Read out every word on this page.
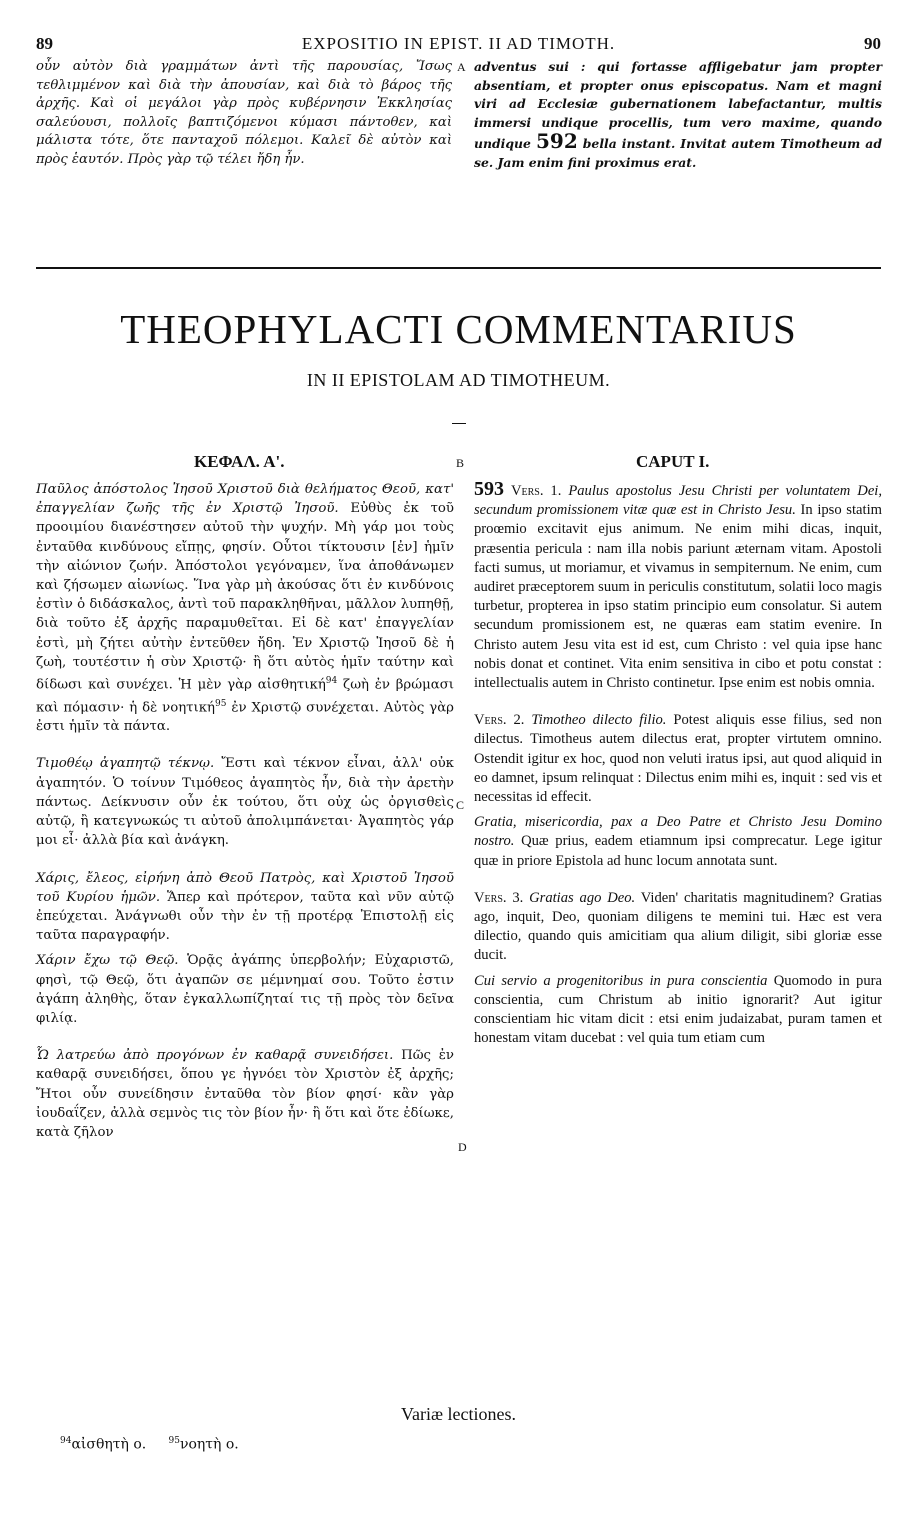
89	EXPOSITIO IN EPIST. II AD TIMOTH.	90

οὖν αὐτὸν διὰ γραμμάτων ἀντὶ τῆς παρουσίας, Ἴσως τεθλιμμένον καὶ διὰ τὴν ἀπουσίαν, καὶ διὰ τὸ βάρος τῆς ἀρχῆς. Καὶ οἱ μεγάλοι γὰρ πρὸς κυβέρνησιν Ἐκκλησίας σαλεύουσι, πολλοῖς βαπτιζόμενοι κύμασι πάντοθεν, καὶ μάλιστα τότε, ὅτε πανταχοῦ πόλεμοι. Καλεῖ δὲ αὐτὸν καὶ πρὸς ἑαυτόν. Πρὸς γὰρ τῷ τέλει ἤδη ἦν.

A adventus sui : qui fortasse affligebatur jam propter absentiam, et propter onus episcopatus. Nam et magni viri ad Ecclesiæ gubernationem labefactantur, multis immersi undique procellis, tum vero maxime, quando undique 592 bella instant. Invitat autem Timotheum ad se. Jam enim fini proximus erat.

THEOPHYLACTI COMMENTARIUS
IN II EPISTOLAM AD TIMOTHEUM.
ΚΕΦΑΛ. Α'.	B	CAPUT I.

Παῦλος ἀπόστολος Ἰησοῦ Χριστοῦ διὰ θελήματος Θεοῦ, κατ' ἐπαγγελίαν ζωῆς τῆς ἐν Χριστῷ Ἰησοῦ. Εὐθὺς ἐκ τοῦ προοιμίου διανέστησεν αὐτοῦ τὴν ψυχήν. Μὴ γάρ μοι τοὺς ἐνταῦθα κινδύνους εἴπῃς, φησίν. Οὗτοι τίκτουσιν [ἐν] ἡμῖν τὴν αἰώνιον ζωήν. Ἀπόστολοι γεγόναμεν, ἵνα ἀποθάνωμεν καὶ ζήσωμεν αἰωνίως. Ἵνα γὰρ μὴ ἀκούσας ὅτι ἐν κινδύνοις ἐστὶν ὁ διδάσκαλος, ἀντὶ τοῦ παρακληθῆναι, μᾶλλον λυπηθῇ, διὰ τοῦτο ἐξ ἀρχῆς παραμυθεῖται. Εἰ δὲ κατ' ἐπαγγελίαν ἐστὶ, μὴ ζήτει αὐτὴν ἐντεῦθεν ἤδη. Ἐν Χριστῷ Ἰησοῦ δὲ ἡ ζωὴ, τουτέστιν ἡ σὺν Χριστῷ· ἢ ὅτι αὐτὸς ἡμῖν ταύτην καὶ δίδωσι καὶ συνέχει. Ἡ μὲν γὰρ αἰσθητική$^{94}$ ζωὴ ἐν βρώμασι καὶ πόμασιν· ἡ δὲ νοητική$^{95}$ ἐν Χριστῷ συνέχεται. Αὐτὸς γὰρ ἐστι ἡμῖν τὰ πάντα.

Τιμοθέῳ ἀγαπητῷ τέκνῳ. Ἔστι καὶ τέκνον εἶναι, ἀλλ' οὐκ ἀγαπητόν. Ὁ τοίνυν Τιμόθεος ἀγαπητὸς ἦν, διὰ τὴν ἀρετὴν πάντως. Δείκνυσιν οὖν ἐκ τούτου, ὅτι οὐχ ὡς ὀργισθεὶς αὐτῷ, ἢ κατεγνωκώς τι αὐτοῦ ἀπολιμπάνεται· Ἀγαπητὸς γάρ μοι εἶ· ἀλλὰ βία καὶ ἀνάγκη.

Χάρις, ἔλεος, εἰρήνη ἀπὸ Θεοῦ Πατρὸς, καὶ Χριστοῦ Ἰησοῦ τοῦ Κυρίου ἡμῶν. Ἅπερ καὶ πρότερον, ταῦτα καὶ νῦν αὐτῷ ἐπεύχεται. Ἀνάγνωθι οὖν τὴν ἐν τῇ προτέρᾳ Ἐπιστολῇ εἰς ταῦτα παραγραφήν.

Χάριν ἔχω τῷ Θεῷ. Ὁρᾷς ἀγάπης ὑπερβολήν; Εὐχαριστῶ, φησὶ, τῷ Θεῷ, ὅτι ἀγαπῶν σε μέμνημαί σου. Τοῦτο ἐστιν ἀγάπη ἀληθὴς, ὅταν ἐγκαλλωπίζηταί τις τῇ πρὸς τὸν δεῖνα φιλίᾳ.

Ὧ λατρεύω ἀπὸ προγόνων ἐν καθαρᾷ συνειδήσει. Πῶς ἐν καθαρᾷ συνειδήσει, ὅπου γε ἠγνόει τὸν Χριστὸν ἐξ ἀρχῆς; Ἤτοι οὖν συνείδησιν ἐνταῦθα τὸν βίον φησί· κἂν γὰρ ἰουδαΐζεν, ἀλλὰ σεμνὸς τις τὸν βίον ἦν· ἢ ὅτι καὶ ὅτε ἐδίωκε, κατὰ ζῆλον

C
D

593 Vers. 1. Paulus apostolus Jesu Christi per voluntatem Dei, secundum promissionem vitæ quæ est in Christo Jesu. In ipso statim proœmio excitavit ejus animum. Ne enim mihi dicas, inquit, præsentia pericula : nam illa nobis pariunt æternam vitam. Apostoli facti sumus, ut moriamur, et vivamus in sempiternum. Ne enim, cum audiret præceptorem suum in periculis constitutum, solatii loco magis turbetur, propterea in ipso statim principio eum consolatur. Si autem secundum promissionem est, ne quæras eam statim evenire. In Christo autem Jesu vita est id est, cum Christo : vel quia ipse hanc nobis donat et continet. Vita enim sensitiva in cibo et potu constat : intellectualis autem in Christo continetur. Ipse enim est nobis omnia.

Vers. 2. Timotheo dilecto filio. Potest aliquis esse filius, sed non dilectus. Timotheus autem dilectus erat, propter virtutem omnino. Ostendit igitur ex hoc, quod non veluti iratus ipsi, aut quod aliquid in eo damnet, ipsum relinquat : Dilectus enim mihi es, inquit : sed vis et necessitas id effecit.

Gratia, misericordia, pax a Deo Patre et Christo Jesu Domino nostro. Quæ prius, eadem etiamnum ipsi comprecatur. Lege igitur quæ in priore Epistola ad hunc locum annotata sunt.

Vers. 3. Gratias ago Deo. Viden' charitatis magnitudinem? Gratias ago, inquit, Deo, quoniam diligens te memini tui. Hæc est vera dilectio, quando quis amicitiam qua alium diligit, sibi gloriæ esse ducit.

Cui servio a progenitoribus in pura conscientia Quomodo in pura conscientia, cum Christum ab initio ignorarit? Aut igitur conscientiam hic vitam dicit : etsi enim judaizabat, puram tamen et honestam vitam ducebat : vel quia tum etiam cum

Variæ lectiones.
$^{94}$αἰσθητὴ ο. $^{95}$νοητὴ ο.
